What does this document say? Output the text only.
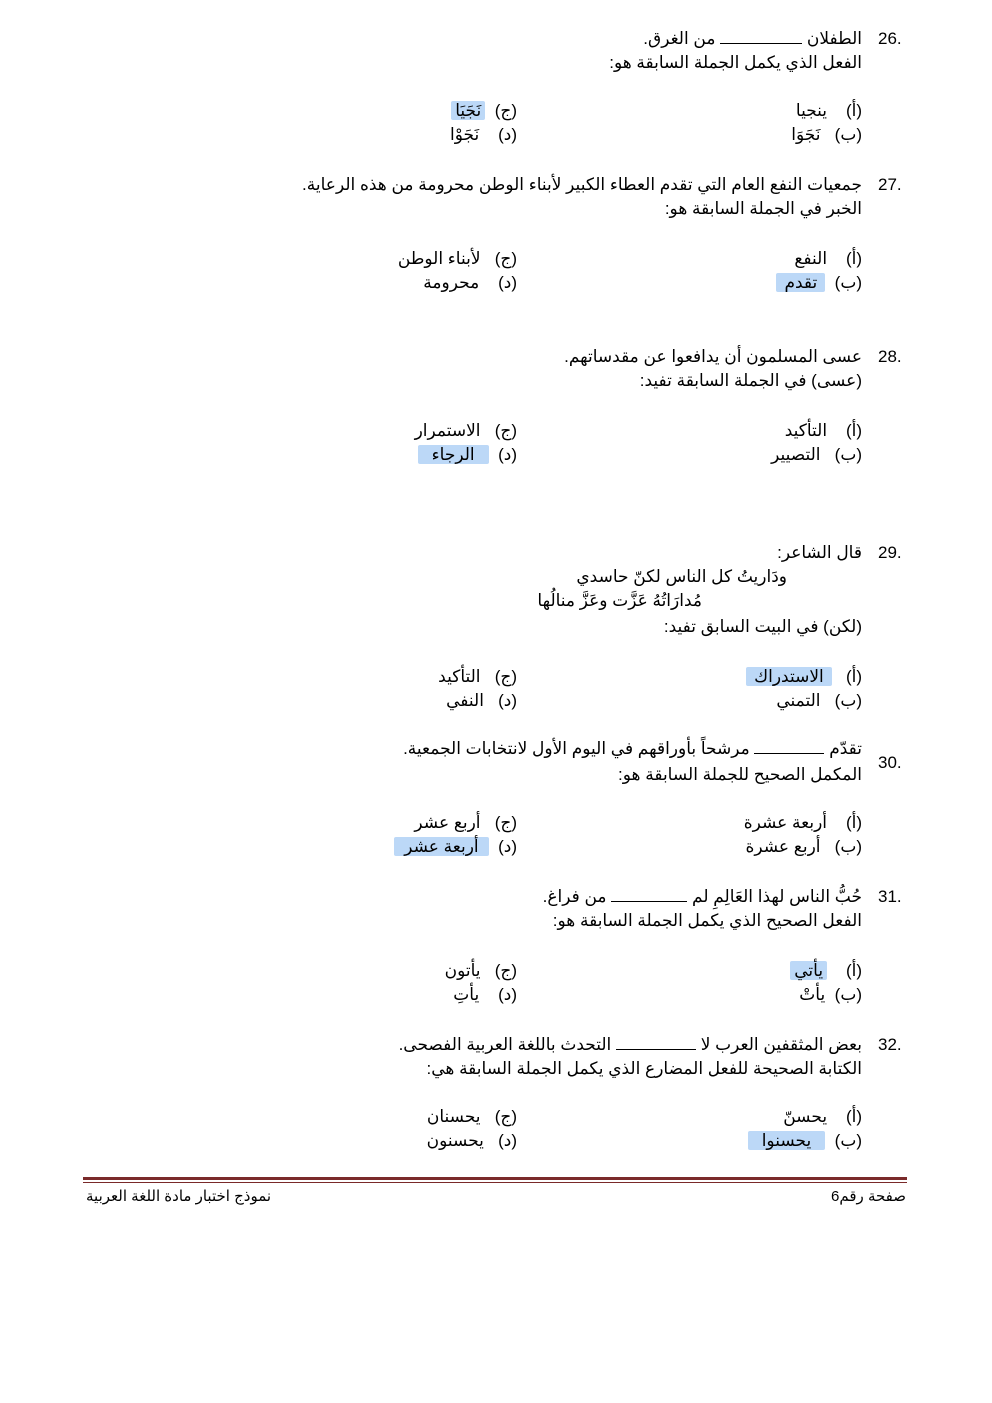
26.
الطفلان  من الغرق.
الفعل الذي يكمل الجملة السابقة هو:
(أ)    ينجيا
(ب)   نَجَوَا
(ج)  نَجَيَا
(د)    نَجَوْا
27.
جمعيات النفع العام التي تقدم العطاء الكبير لأبناء الوطن محرومة من هذه الرعاية.
الخبر في الجملة السابقة هو:
(أ)    النفع
(ب)  تقدم
(ج)   لأبناء الوطن
(د)    محرومة
28.
عسى المسلمون أن يدافعوا عن مقدساتهم.
(عسى) في الجملة السابقة تفيد:
(أ)    التأكيد
(ب)   التصيير
(ج)   الاستمرار
(د)  الرجاء
29.
قال الشاعر:
ودَاريتُ كل الناس لكنّ حاسدي
مُدارَاتُهُ عَزَّت وعَزَّ منالُها
(لكن) في البيت السابق تفيد:
(أ)   الاستدراك
(ب)   التمني
(ج)   التأكيد
(د)   النفي
30.
تقدّم  مرشحاً بأوراقهم في اليوم الأول لانتخابات الجمعية.
المكمل الصحيح للجملة السابقة هو:
(أ)    أربعة عشرة
(ب)   أربع عشرة
(ج)   أربع عشر
(د)  أربعة عشر
31.
حُبُّ الناس لهذا العَالِمِ لم  من فراغ.
الفعل الصحيح الذي يكمل الجملة السابقة هو:
(أ)    يأتي
(ب)  يأتْ
(ج)   يأتون
(د)    يأتِ
32.
بعض المثقفين العرب لا  التحدث باللغة العربية الفصحى.
الكتابة الصحيحة للفعل المضارع الذي يكمل الجملة السابقة هي:
(أ)    يحسنّ
(ب)  يحسنوا
(ج)   يحسنان
(د)   يحسنون
صفحة رقم6
نموذج اختبار مادة اللغة العربية
